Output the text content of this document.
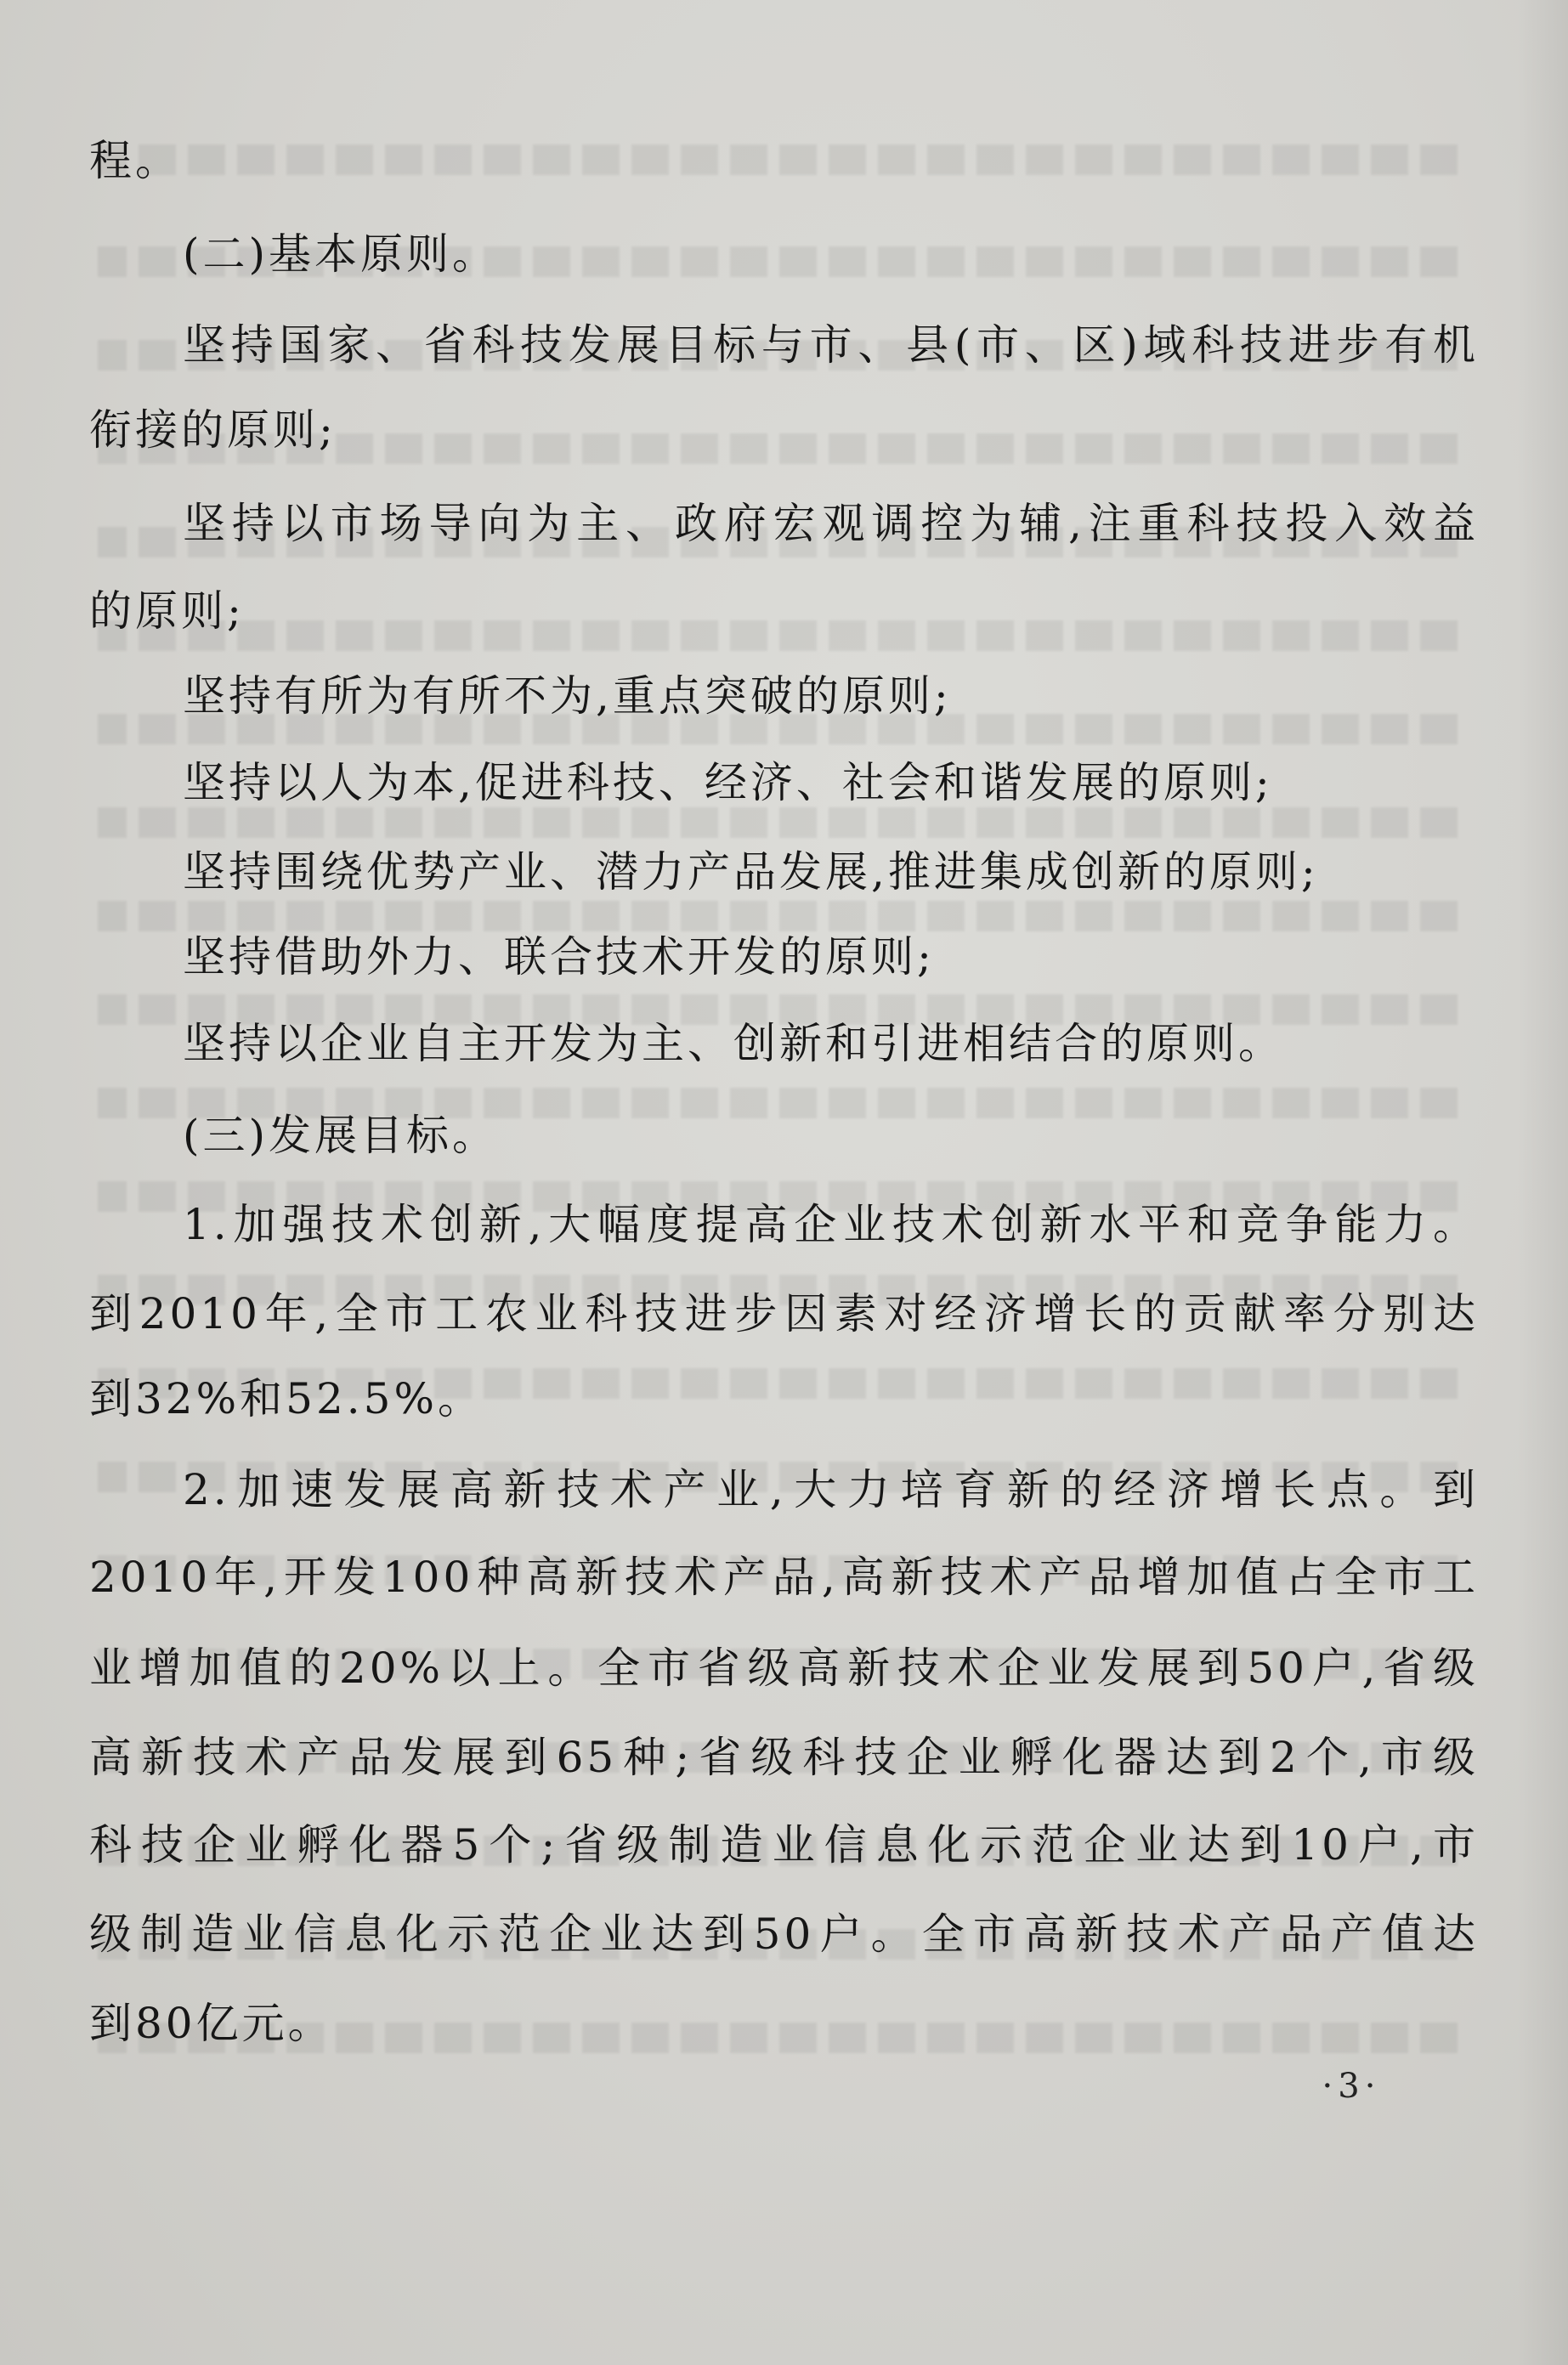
程。
(二)基本原则。
坚持国家、省科技发展目标与市、县(市、区)域科技进步有机
衔接的原则;
坚持以市场导向为主、政府宏观调控为辅,注重科技投入效益
的原则;
坚持有所为有所不为,重点突破的原则;
坚持以人为本,促进科技、经济、社会和谐发展的原则;
坚持围绕优势产业、潜力产品发展,推进集成创新的原则;
坚持借助外力、联合技术开发的原则;
坚持以企业自主开发为主、创新和引进相结合的原则。
(三)发展目标。
1.加强技术创新,大幅度提高企业技术创新水平和竞争能力。
到2010年,全市工农业科技进步因素对经济增长的贡献率分别达
到32%和52.5%。
2.加速发展高新技术产业,大力培育新的经济增长点。到
2010年,开发100种高新技术产品,高新技术产品增加值占全市工
业增加值的20%以上。全市省级高新技术企业发展到50户,省级
高新技术产品发展到65种;省级科技企业孵化器达到2个,市级
科技企业孵化器5个;省级制造业信息化示范企业达到10户,市
级制造业信息化示范企业达到50户。全市高新技术产品产值达
到80亿元。
·3·
